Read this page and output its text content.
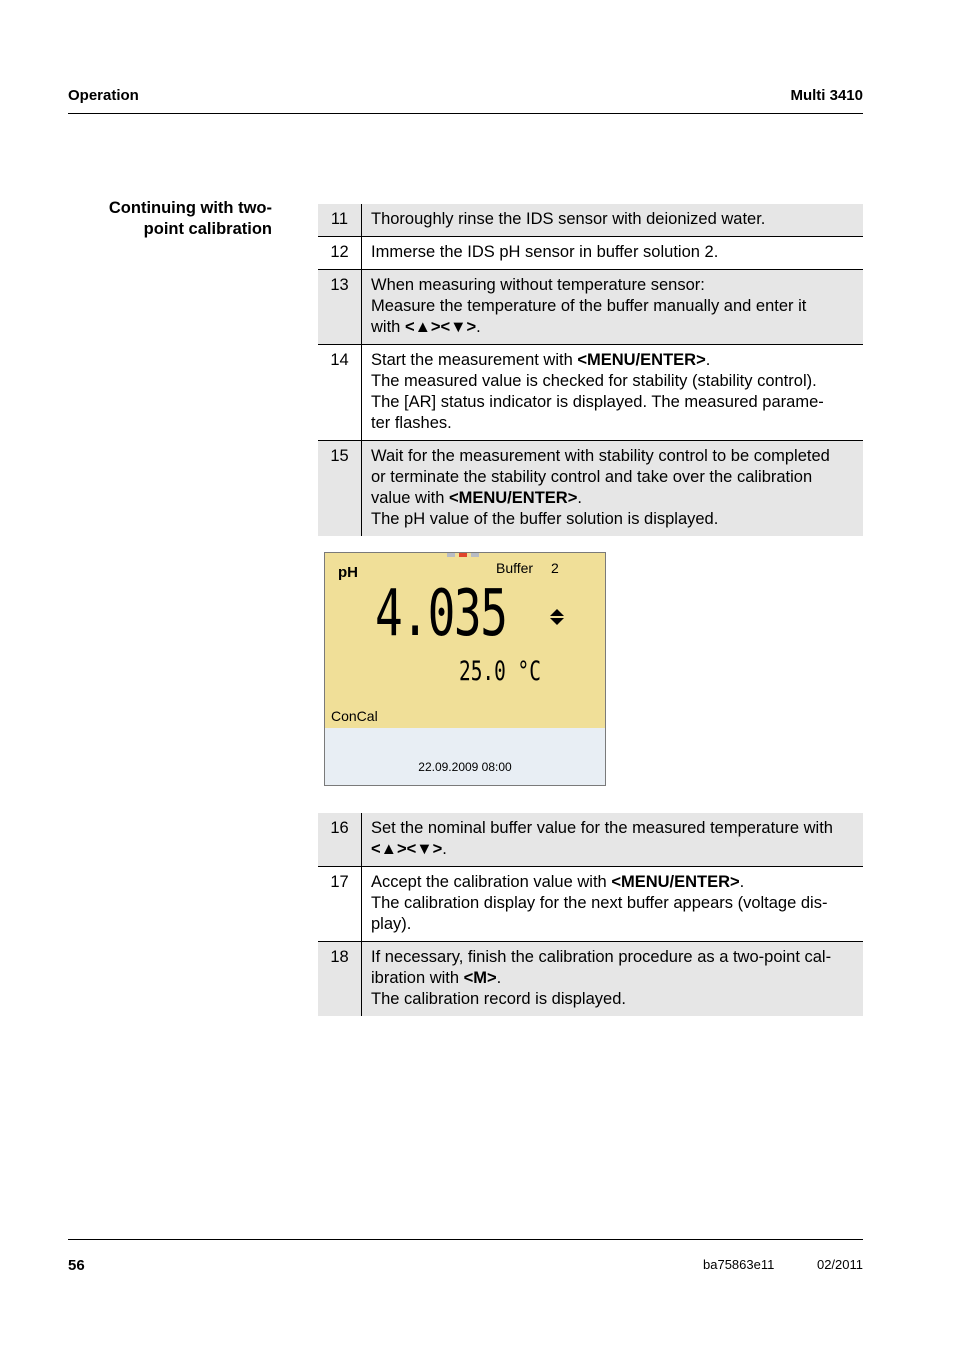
Operation	Multi 3410
Continuing with two-
point calibration
11	Thoroughly rinse the IDS sensor with deionized water.

12	Immerse the IDS pH sensor in buffer solution 2.

13	When measuring without temperature sensor:
Measure the temperature of the buffer manually and enter it
with <▲><▼>.

14	Start the measurement with <MENU/ENTER>.
The measured value is checked for stability (stability control).
The [AR] status indicator is displayed. The measured parame-
ter flashes.

15	Wait for the measurement with stability control to be completed
or terminate the stability control and take over the calibration
value with <MENU/ENTER>.
The pH value of the buffer solution is displayed.
pH	Buffer 2
4.035
25.0 °C
ConCal
22.09.2009 08:00
16	Set the nominal buffer value for the measured temperature with
<▲><▼>.

17	Accept the calibration value with <MENU/ENTER>.
The calibration display for the next buffer appears (voltage dis-
play).

18	If necessary, finish the calibration procedure as a two-point cal-
ibration with <M>.
The calibration record is displayed.
56	ba75863e11	02/2011
